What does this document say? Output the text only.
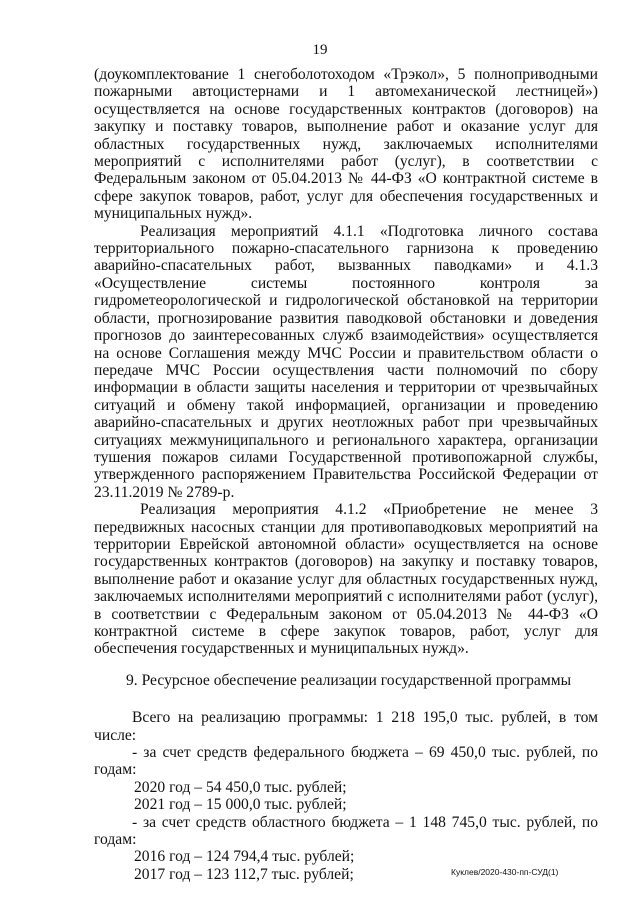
19

(доукомплектование 1 снегоболотоходом «Трэкол», 5 полноприводными пожарными автоцистернами и 1 автомеханической лестницей») осуществляется на основе государственных контрактов (договоров) на закупку и поставку товаров, выполнение работ и оказание услуг для областных государственных нужд, заключаемых исполнителями мероприятий с исполнителями работ (услуг), в соответствии с Федеральным законом от 05.04.2013 № 44-ФЗ «О контрактной системе в сфере закупок товаров, работ, услуг для обеспечения государственных и муниципальных нужд».

Реализация мероприятий 4.1.1 «Подготовка личного состава территориального пожарно-спасательного гарнизона к проведению аварийно-спасательных работ, вызванных паводками» и 4.1.3 «Осуществление системы постоянного контроля за гидрометеорологической и гидрологической обстановкой на территории области, прогнозирование развития паводковой обстановки и доведения прогнозов до заинтересованных служб взаимодействия» осуществляется на основе Соглашения между МЧС России и правительством области о передаче МЧС России осуществления части полномочий по сбору информации в области защиты населения и территории от чрезвычайных ситуаций и обмену такой информацией, организации и проведению аварийно-спасательных и других неотложных работ при чрезвычайных ситуациях межмуниципального и регионального характера, организации тушения пожаров силами Государственной противопожарной службы, утвержденного распоряжением Правительства Российской Федерации от 23.11.2019 № 2789-р.

Реализация мероприятия 4.1.2 «Приобретение не менее 3 передвижных насосных станции для противопаводковых мероприятий на территории Еврейской автономной области» осуществляется на основе государственных контрактов (договоров) на закупку и поставку товаров, выполнение работ и оказание услуг для областных государственных нужд, заключаемых исполнителями мероприятий с исполнителями работ (услуг), в соответствии с Федеральным законом от 05.04.2013 № 44-ФЗ «О контрактной системе в сфере закупок товаров, работ, услуг для обеспечения государственных и муниципальных нужд».

9. Ресурсное обеспечение реализации государственной программы

Всего на реализацию программы: 1 218 195,0 тыс. рублей, в том числе:

- за счет средств федерального бюджета – 69 450,0 тыс. рублей, по годам:

2020 год – 54 450,0 тыс. рублей;

2021 год – 15 000,0 тыс. рублей;

- за счет средств областного бюджета – 1 148 745,0 тыс. рублей, по годам:

2016 год – 124 794,4 тыс. рублей;

2017 год – 123 112,7 тыс. рублей;	Куклев/2020-430-пп-СУД(1)
